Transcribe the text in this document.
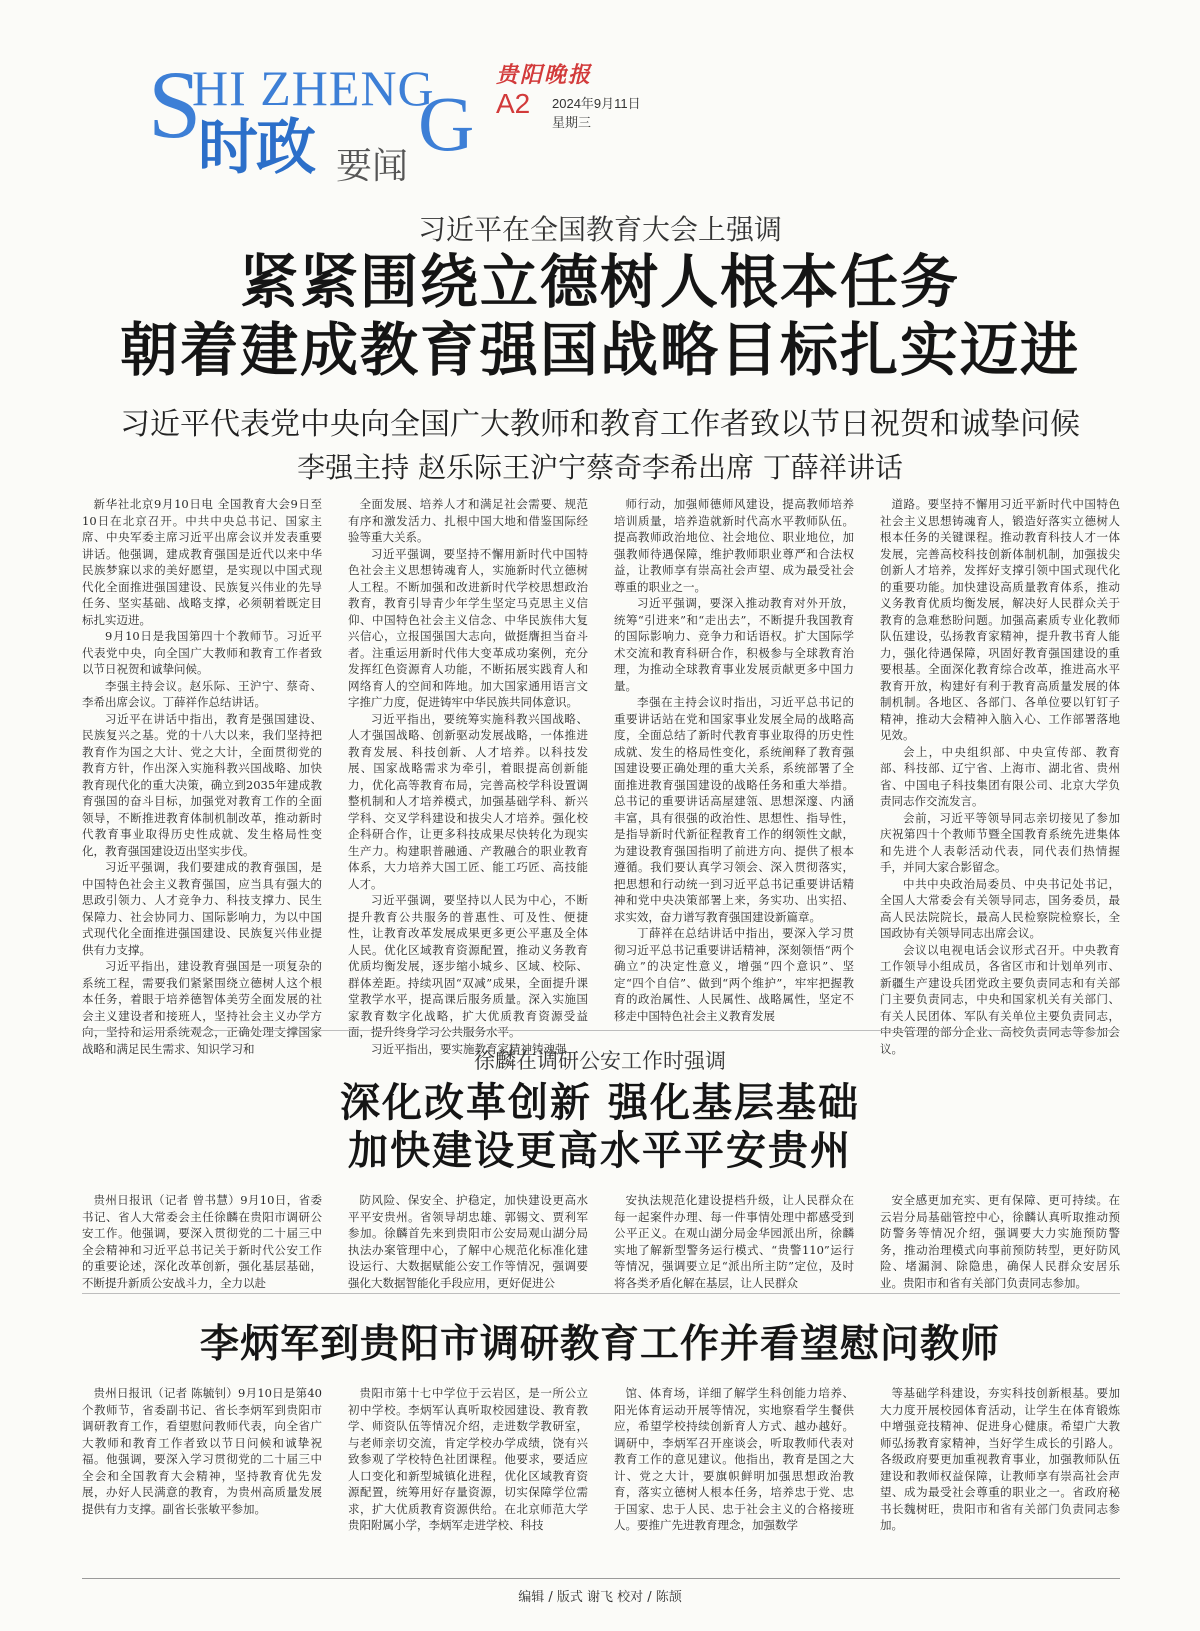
S
HI ZHENG
G
时政 要闻
贵阳晚报
A2 2024年9月11日
星期三
习近平在全国教育大会上强调
紧紧围绕立德树人根本任务
朝着建成教育强国战略目标扎实迈进
习近平代表党中央向全国广大教师和教育工作者致以节日祝贺和诚挚问候
李强主持 赵乐际王沪宁蔡奇李希出席 丁薛祥讲话

新华社北京9月10日电 全国教育大会9日至10日在北京召开。中共中央总书记、国家主席、中央军委主席习近平出席会议并发表重要讲话。他强调，建成教育强国是近代以来中华民族梦寐以求的美好愿望，是实现以中国式现代化全面推进强国建设、民族复兴伟业的先导任务、坚实基础、战略支撑，必须朝着既定目标扎实迈进。

9月10日是我国第四十个教师节。习近平代表党中央，向全国广大教师和教育工作者致以节日祝贺和诚挚问候。

李强主持会议。赵乐际、王沪宁、蔡奇、李希出席会议。丁薛祥作总结讲话。

习近平在讲话中指出，教育是强国建设、民族复兴之基。党的十八大以来，我们坚持把教育作为国之大计、党之大计，全面贯彻党的教育方针，作出深入实施科教兴国战略、加快教育现代化的重大决策，确立到2035年建成教育强国的奋斗目标，加强党对教育工作的全面领导，不断推进教育体制机制改革，推动新时代教育事业取得历史性成就、发生格局性变化，教育强国建设迈出坚实步伐。

习近平强调，我们要建成的教育强国，是中国特色社会主义教育强国，应当具有强大的思政引领力、人才竞争力、科技支撑力、民生保障力、社会协同力、国际影响力，为以中国式现代化全面推进强国建设、民族复兴伟业提供有力支撑。

习近平指出，建设教育强国是一项复杂的系统工程，需要我们紧紧围绕立德树人这个根本任务，着眼于培养德智体美劳全面发展的社会主义建设者和接班人，坚持社会主义办学方向，坚持和运用系统观念，正确处理支撑国家战略和满足民生需求、知识学习和

全面发展、培养人才和满足社会需要、规范有序和激发活力、扎根中国大地和借鉴国际经验等重大关系。

习近平强调，要坚持不懈用新时代中国特色社会主义思想铸魂育人，实施新时代立德树人工程。不断加强和改进新时代学校思想政治教育，教育引导青少年学生坚定马克思主义信仰、中国特色社会主义信念、中华民族伟大复兴信心，立报国强国大志向，做挺膺担当奋斗者。注重运用新时代伟大变革成功案例，充分发挥红色资源育人功能，不断拓展实践育人和网络育人的空间和阵地。加大国家通用语言文字推广力度，促进铸牢中华民族共同体意识。

习近平指出，要统筹实施科教兴国战略、人才强国战略、创新驱动发展战略，一体推进教育发展、科技创新、人才培养。以科技发展、国家战略需求为牵引，着眼提高创新能力，优化高等教育布局，完善高校学科设置调整机制和人才培养模式，加强基础学科、新兴学科、交叉学科建设和拔尖人才培养。强化校企科研合作，让更多科技成果尽快转化为现实生产力。构建职普融通、产教融合的职业教育体系，大力培养大国工匠、能工巧匠、高技能人才。

习近平强调，要坚持以人民为中心，不断提升教育公共服务的普惠性、可及性、便捷性，让教育改革发展成果更多更公平惠及全体人民。优化区域教育资源配置，推动义务教育优质均衡发展，逐步缩小城乡、区域、校际、群体差距。持续巩固“双减”成果，全面提升课堂教学水平，提高课后服务质量。深入实施国家教育数字化战略，扩大优质教育资源受益面，提升终身学习公共服务水平。

习近平指出，要实施教育家精神铸魂强

师行动，加强师德师风建设，提高教师培养培训质量，培养造就新时代高水平教师队伍。提高教师政治地位、社会地位、职业地位，加强教师待遇保障，维护教师职业尊严和合法权益，让教师享有崇高社会声望、成为最受社会尊重的职业之一。

习近平强调，要深入推动教育对外开放，统筹“引进来”和“走出去”，不断提升我国教育的国际影响力、竞争力和话语权。扩大国际学术交流和教育科研合作，积极参与全球教育治理，为推动全球教育事业发展贡献更多中国力量。

李强在主持会议时指出，习近平总书记的重要讲话站在党和国家事业发展全局的战略高度，全面总结了新时代教育事业取得的历史性成就、发生的格局性变化，系统阐释了教育强国建设要正确处理的重大关系，系统部署了全面推进教育强国建设的战略任务和重大举措。总书记的重要讲话高屋建瓴、思想深邃、内涵丰富，具有很强的政治性、思想性、指导性，是指导新时代新征程教育工作的纲领性文献，为建设教育强国指明了前进方向、提供了根本遵循。我们要认真学习领会、深入贯彻落实，把思想和行动统一到习近平总书记重要讲话精神和党中央决策部署上来，务实功、出实招、求实效，奋力谱写教育强国建设新篇章。

丁薛祥在总结讲话中指出，要深入学习贯彻习近平总书记重要讲话精神，深刻领悟“两个确立”的决定性意义，增强“四个意识”、坚定“四个自信”、做到“两个维护”，牢牢把握教育的政治属性、人民属性、战略属性，坚定不移走中国特色社会主义教育发展

道路。要坚持不懈用习近平新时代中国特色社会主义思想铸魂育人，锻造好落实立德树人根本任务的关键课程。推动教育科技人才一体发展，完善高校科技创新体制机制，加强拔尖创新人才培养，发挥好支撑引领中国式现代化的重要功能。加快建设高质量教育体系，推动义务教育优质均衡发展，解决好人民群众关于教育的急难愁盼问题。加强高素质专业化教师队伍建设，弘扬教育家精神，提升教书育人能力，强化待遇保障，巩固好教育强国建设的重要根基。全面深化教育综合改革，推进高水平教育开放，构建好有利于教育高质量发展的体制机制。各地区、各部门、各单位要以钉钉子精神，推动大会精神入脑入心、工作部署落地见效。

会上，中央组织部、中央宣传部、教育部、科技部、辽宁省、上海市、湖北省、贵州省、中国电子科技集团有限公司、北京大学负责同志作交流发言。

会前，习近平等领导同志亲切接见了参加庆祝第四十个教师节暨全国教育系统先进集体和先进个人表彰活动代表，同代表们热情握手，并同大家合影留念。

中共中央政治局委员、中央书记处书记，全国人大常委会有关领导同志，国务委员，最高人民法院院长，最高人民检察院检察长，全国政协有关领导同志出席会议。

会议以电视电话会议形式召开。中央教育工作领导小组成员，各省区市和计划单列市、新疆生产建设兵团党政主要负责同志和有关部门主要负责同志，中央和国家机关有关部门、有关人民团体、军队有关单位主要负责同志，中央管理的部分企业、高校负责同志等参加会议。

徐麟在调研公安工作时强调
深化改革创新 强化基层基础
加快建设更高水平平安贵州

贵州日报讯（记者 曾书慧）9月10日，省委书记、省人大常委会主任徐麟在贵阳市调研公安工作。他强调，要深入贯彻党的二十届三中全会精神和习近平总书记关于新时代公安工作的重要论述，深化改革创新，强化基层基础，不断提升新质公安战斗力，全力以赴

防风险、保安全、护稳定，加快建设更高水平平安贵州。省领导胡忠雄、郭锡文、贾利军参加。徐麟首先来到贵阳市公安局观山湖分局执法办案管理中心，了解中心规范化标准化建设运行、大数据赋能公安工作等情况，强调要强化大数据智能化手段应用，更好促进公

安执法规范化建设提档升级，让人民群众在每一起案件办理、每一件事情处理中都感受到公平正义。在观山湖分局金华园派出所，徐麟实地了解新型警务运行模式、“贵警110”运行等情况，强调要立足“派出所主防”定位，及时将各类矛盾化解在基层，让人民群众

安全感更加充实、更有保障、更可持续。在云岩分局基础管控中心，徐麟认真听取推动预防警务等情况介绍，强调要大力实施预防警务，推动治理模式向事前预防转型，更好防风险、堵漏洞、除隐患，确保人民群众安居乐业。贵阳市和省有关部门负责同志参加。

李炳军到贵阳市调研教育工作并看望慰问教师

贵州日报讯（记者 陈毓钊）9月10日是第40个教师节，省委副书记、省长李炳军到贵阳市调研教育工作，看望慰问教师代表，向全省广大教师和教育工作者致以节日问候和诚挚祝福。他强调，要深入学习贯彻党的二十届三中全会和全国教育大会精神，坚持教育优先发展，办好人民满意的教育，为贵州高质量发展提供有力支撑。副省长张敏平参加。

贵阳市第十七中学位于云岩区，是一所公立初中学校。李炳军认真听取校园建设、教育教学、师资队伍等情况介绍，走进数学教研室，与老师亲切交流，肯定学校办学成绩，饶有兴致参观了学校特色社团课程。他要求，要适应人口变化和新型城镇化进程，优化区域教育资源配置，统筹用好存量资源，切实保障学位需求，扩大优质教育资源供给。在北京师范大学贵阳附属小学，李炳军走进学校、科技

馆、体育场，详细了解学生科创能力培养、阳光体育运动开展等情况，实地察看学生餐供应，希望学校持续创新育人方式、越办越好。调研中，李炳军召开座谈会，听取教师代表对教育工作的意见建议。他指出，教育是国之大计、党之大计，要旗帜鲜明加强思想政治教育，落实立德树人根本任务，培养忠于党、忠于国家、忠于人民、忠于社会主义的合格接班人。要推广先进教育理念，加强数学

等基础学科建设，夯实科技创新根基。要加大力度开展校园体育活动，让学生在体育锻炼中增强竞技精神、促进身心健康。希望广大教师弘扬教育家精神，当好学生成长的引路人。各级政府要更加重视教育事业，加强教师队伍建设和教师权益保障，让教师享有崇高社会声望、成为最受社会尊重的职业之一。省政府秘书长魏树旺，贵阳市和省有关部门负责同志参加。

编辑 / 版式 谢飞 校对 / 陈颉
